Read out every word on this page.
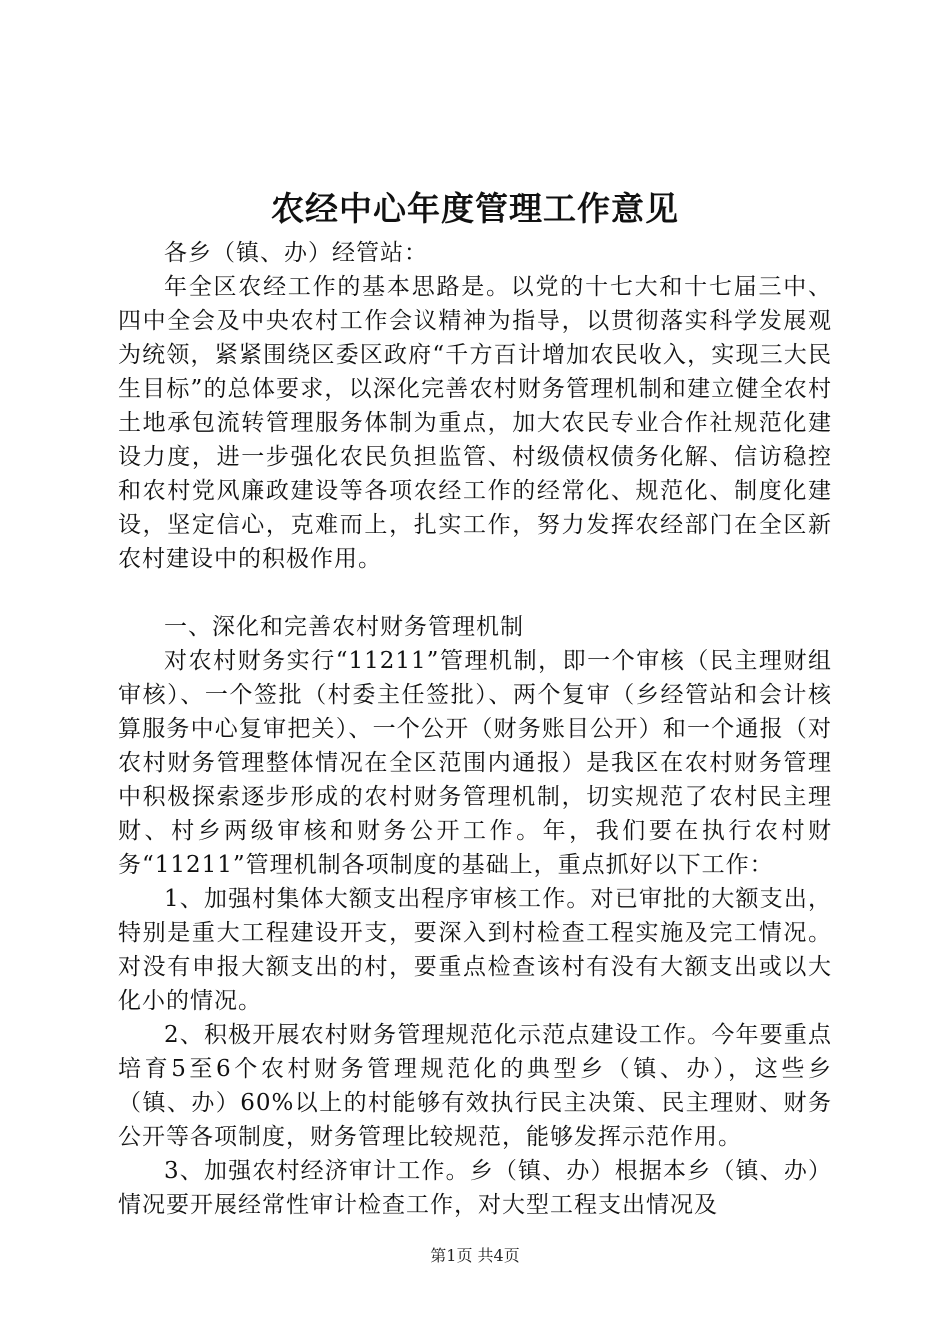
农经中心年度管理工作意见

各乡（镇、办）经管站：

年全区农经工作的基本思路是。以党的十七大和十七届三中、四中全会及中央农村工作会议精神为指导，以贯彻落实科学发展观为统领，紧紧围绕区委区政府“千方百计增加农民收入，实现三大民生目标”的总体要求，以深化完善农村财务管理机制和建立健全农村土地承包流转管理服务体制为重点，加大农民专业合作社规范化建设力度，进一步强化农民负担监管、村级债权债务化解、信访稳控和农村党风廉政建设等各项农经工作的经常化、规范化、制度化建设，坚定信心，克难而上，扎实工作，努力发挥农经部门在全区新农村建设中的积极作用。

一、深化和完善农村财务管理机制

对农村财务实行“11211”管理机制，即一个审核（民主理财组审核）、一个签批（村委主任签批）、两个复审（乡经管站和会计核算服务中心复审把关）、一个公开（财务账目公开）和一个通报（对农村财务管理整体情况在全区范围内通报）是我区在农村财务管理中积极探索逐步形成的农村财务管理机制，切实规范了农村民主理财、村乡两级审核和财务公开工作。年，我们要在执行农村财务“11211”管理机制各项制度的基础上，重点抓好以下工作：

1、加强村集体大额支出程序审核工作。对已审批的大额支出，特别是重大工程建设开支，要深入到村检查工程实施及完工情况。对没有申报大额支出的村，要重点检查该村有没有大额支出或以大化小的情况。

2、积极开展农村财务管理规范化示范点建设工作。今年要重点培育5至6个农村财务管理规范化的典型乡（镇、办），这些乡（镇、办）60%以上的村能够有效执行民主决策、民主理财、财务公开等各项制度，财务管理比较规范，能够发挥示范作用。

3、加强农村经济审计工作。乡（镇、办）根据本乡（镇、办）情况要开展经常性审计检查工作，对大型工程支出情况及

第1页 共4页
